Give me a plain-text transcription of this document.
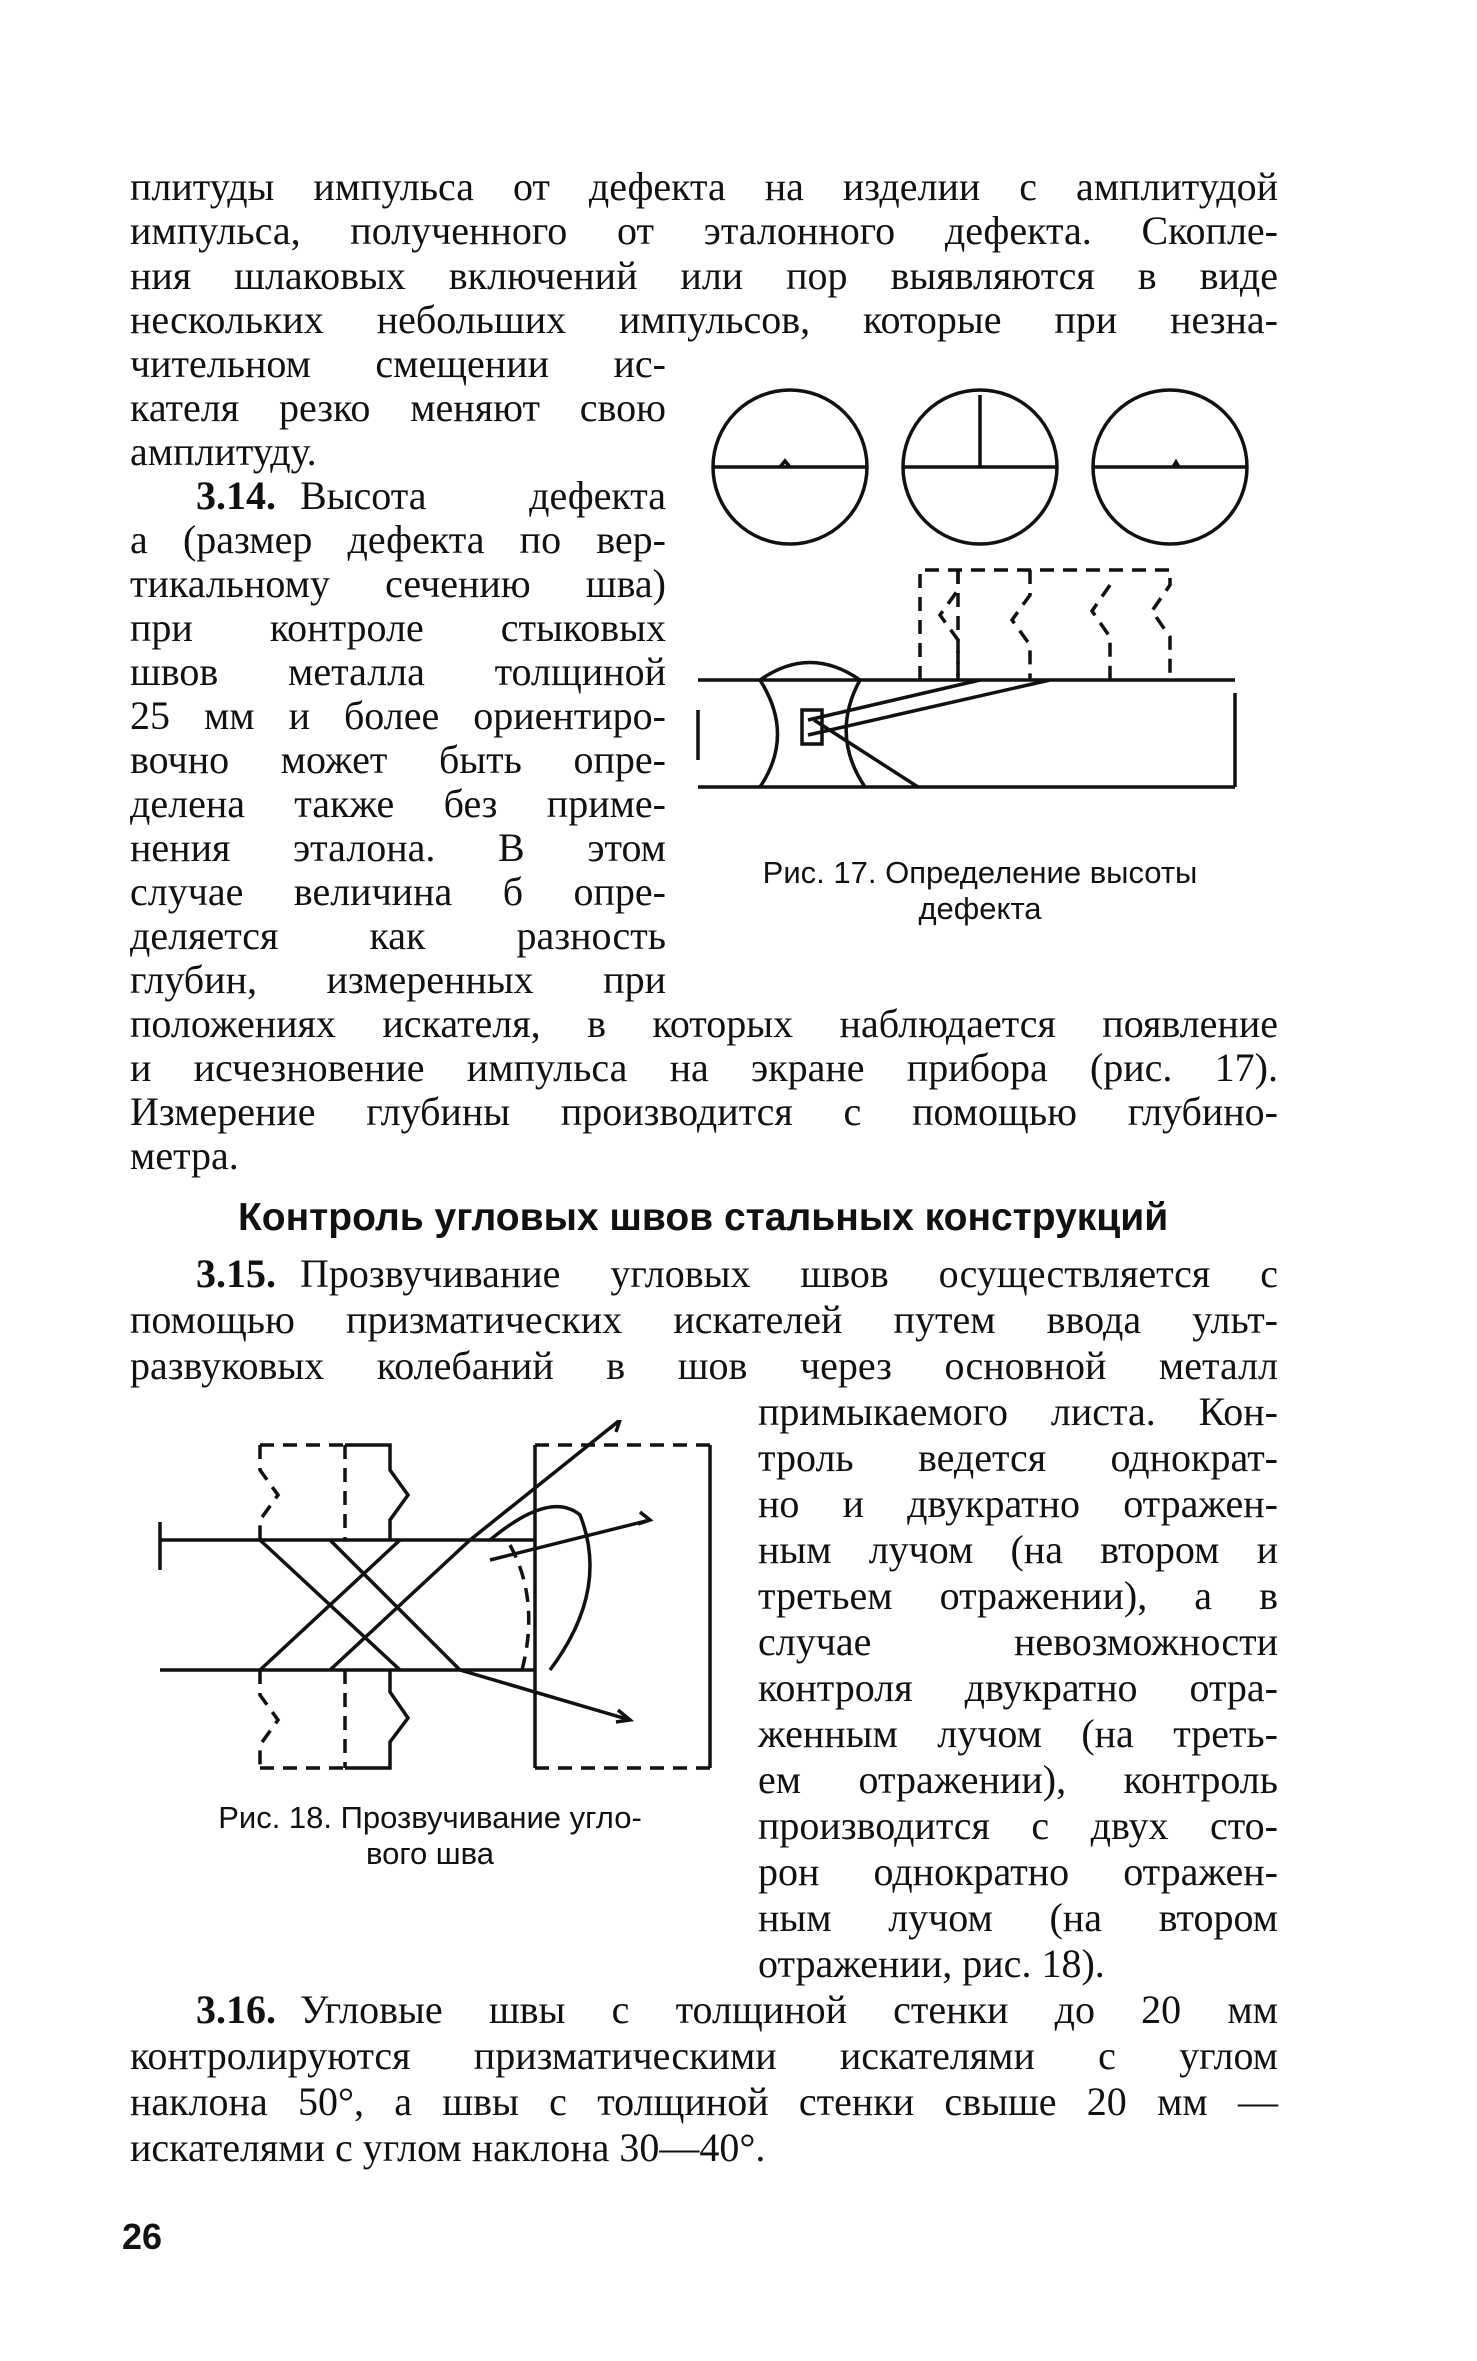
плитуды импульса от дефекта на изделии с амплитудой
импульса, полученного от эталонного дефекта. Скопле-
ния шлаковых включений или пор выявляются в виде
нескольких небольших импульсов, которые при незна-
чительном смещении ис-
кателя резко меняют свою
амплитуду.
3.14. Высота дефекта
a (размер дефекта по вер-
тикальному сечению шва)
при контроле стыковых
швов металла толщиной
25 мм и более ориентиро-
вочно может быть опре-
делена также без приме-
нения эталона. В этом
случае величина б опре-
деляется как разность
глубин, измеренных при
положениях искателя, в которых наблюдается появление
и исчезновение импульса на экране прибора (рис. 17).
Измерение глубины производится с помощью глубино-
метра.
Рис. 17. Определение высоты
дефекта
Контроль угловых швов стальных конструкций
3.15. Прозвучивание угловых швов осуществляется с
помощью призматических искателей путем ввода ульт-
развуковых колебаний в шов через основной металл
примыкаемого листа. Кон-
троль ведется однократ-
но и двукратно отражен-
ным лучом (на втором и
третьем отражении), а в
случае невозможности
контроля двукратно отра-
женным лучом (на треть-
ем отражении), контроль
производится с двух сто-
рон однократно отражен-
ным лучом (на втором
отражении, рис. 18).
Рис. 18. Прозвучивание угло-
вого шва
3.16. Угловые швы с толщиной стенки до 20 мм
контролируются призматическими искателями с углом
наклона 50°, а швы с толщиной стенки свыше 20 мм —
искателями с углом наклона 30—40°.
26
